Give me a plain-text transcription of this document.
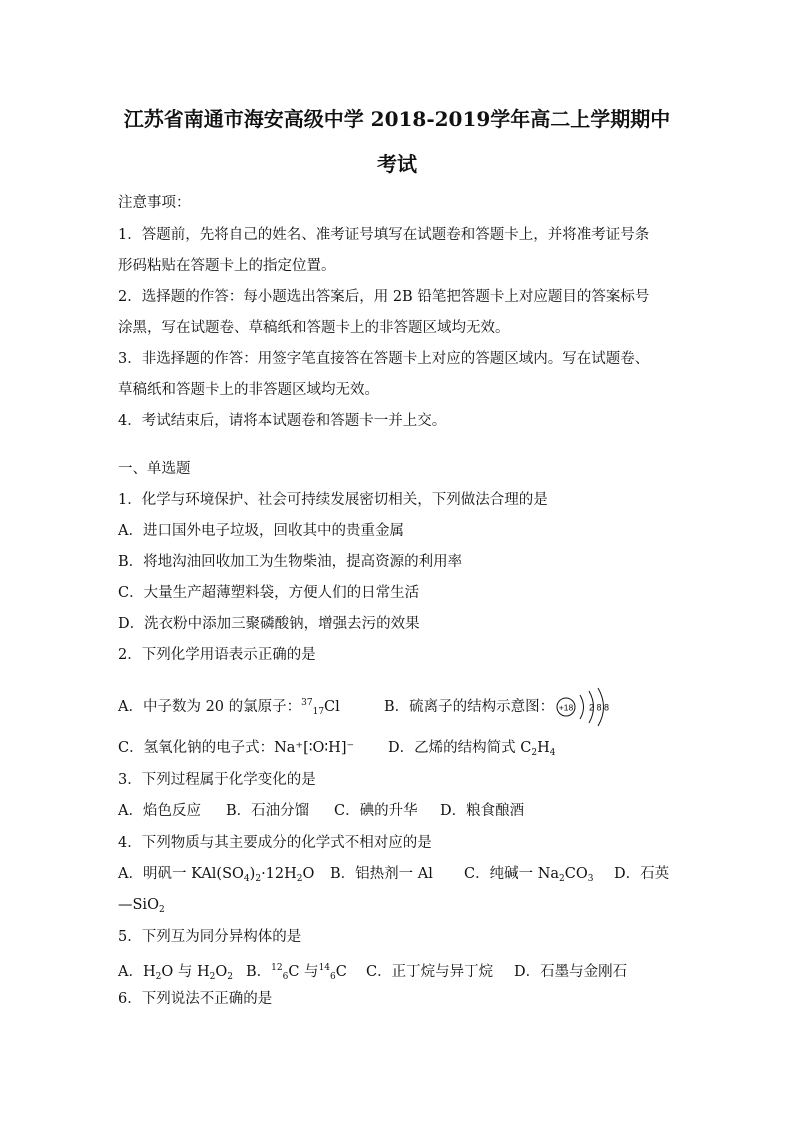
江苏省南通市海安高级中学 2018-2019学年高二上学期期中
考试
注意事项：
1．答题前，先将自己的姓名、准考证号填写在试题卷和答题卡上，并将准考证号条
形码粘贴在答题卡上的指定位置。
2．选择题的作答：每小题选出答案后，用 2B 铅笔把答题卡上对应题目的答案标号
涂黑，写在试题卷、草稿纸和答题卡上的非答题区域均无效。
3．非选择题的作答：用签字笔直接答在答题卡上对应的答题区域内。写在试题卷、
草稿纸和答题卡上的非答题区域均无效。
4．考试结束后，请将本试题卷和答题卡一并上交。
一、单选题
1．化学与环境保护、社会可持续发展密切相关，下列做法合理的是
A．进口国外电子垃圾，回收其中的贵重金属
B．将地沟油回收加工为生物柴油，提高资源的利用率
C．大量生产超薄塑料袋，方便人们的日常生活
D．洗衣粉中添加三聚磷酸钠，增强去污的效果
2．下列化学用语表示正确的是
A．中子数为 20 的氯原子：$^{37}_{17}$Cl	B．硫离子的结构示意图： +18 2 8 8
C．氢氧化钠的电子式：Na⁺[∶O∶H]⁻ D．乙烯的结构简式 $C_2H_4$
3．下列过程属于化学变化的是
A．焰色反应 B．石油分馏 C．碘的升华 D．粮食酿酒
4．下列物质与其主要成分的化学式不相对应的是
A．明矾一 $KAl(SO_4)_2\cdot 12H_2O$ B．铝热剂一 Al C．纯碱一 $Na_2CO_3$ D．石英
—SiO$_2$
5．下列互为同分异构体的是
A．$H_2O$ 与 $H_2O_2$ B．$^{12}_6$C 与$^{14}_6$C C．正丁烷与异丁烷 D．石墨与金刚石
6．下列说法不正确的是
